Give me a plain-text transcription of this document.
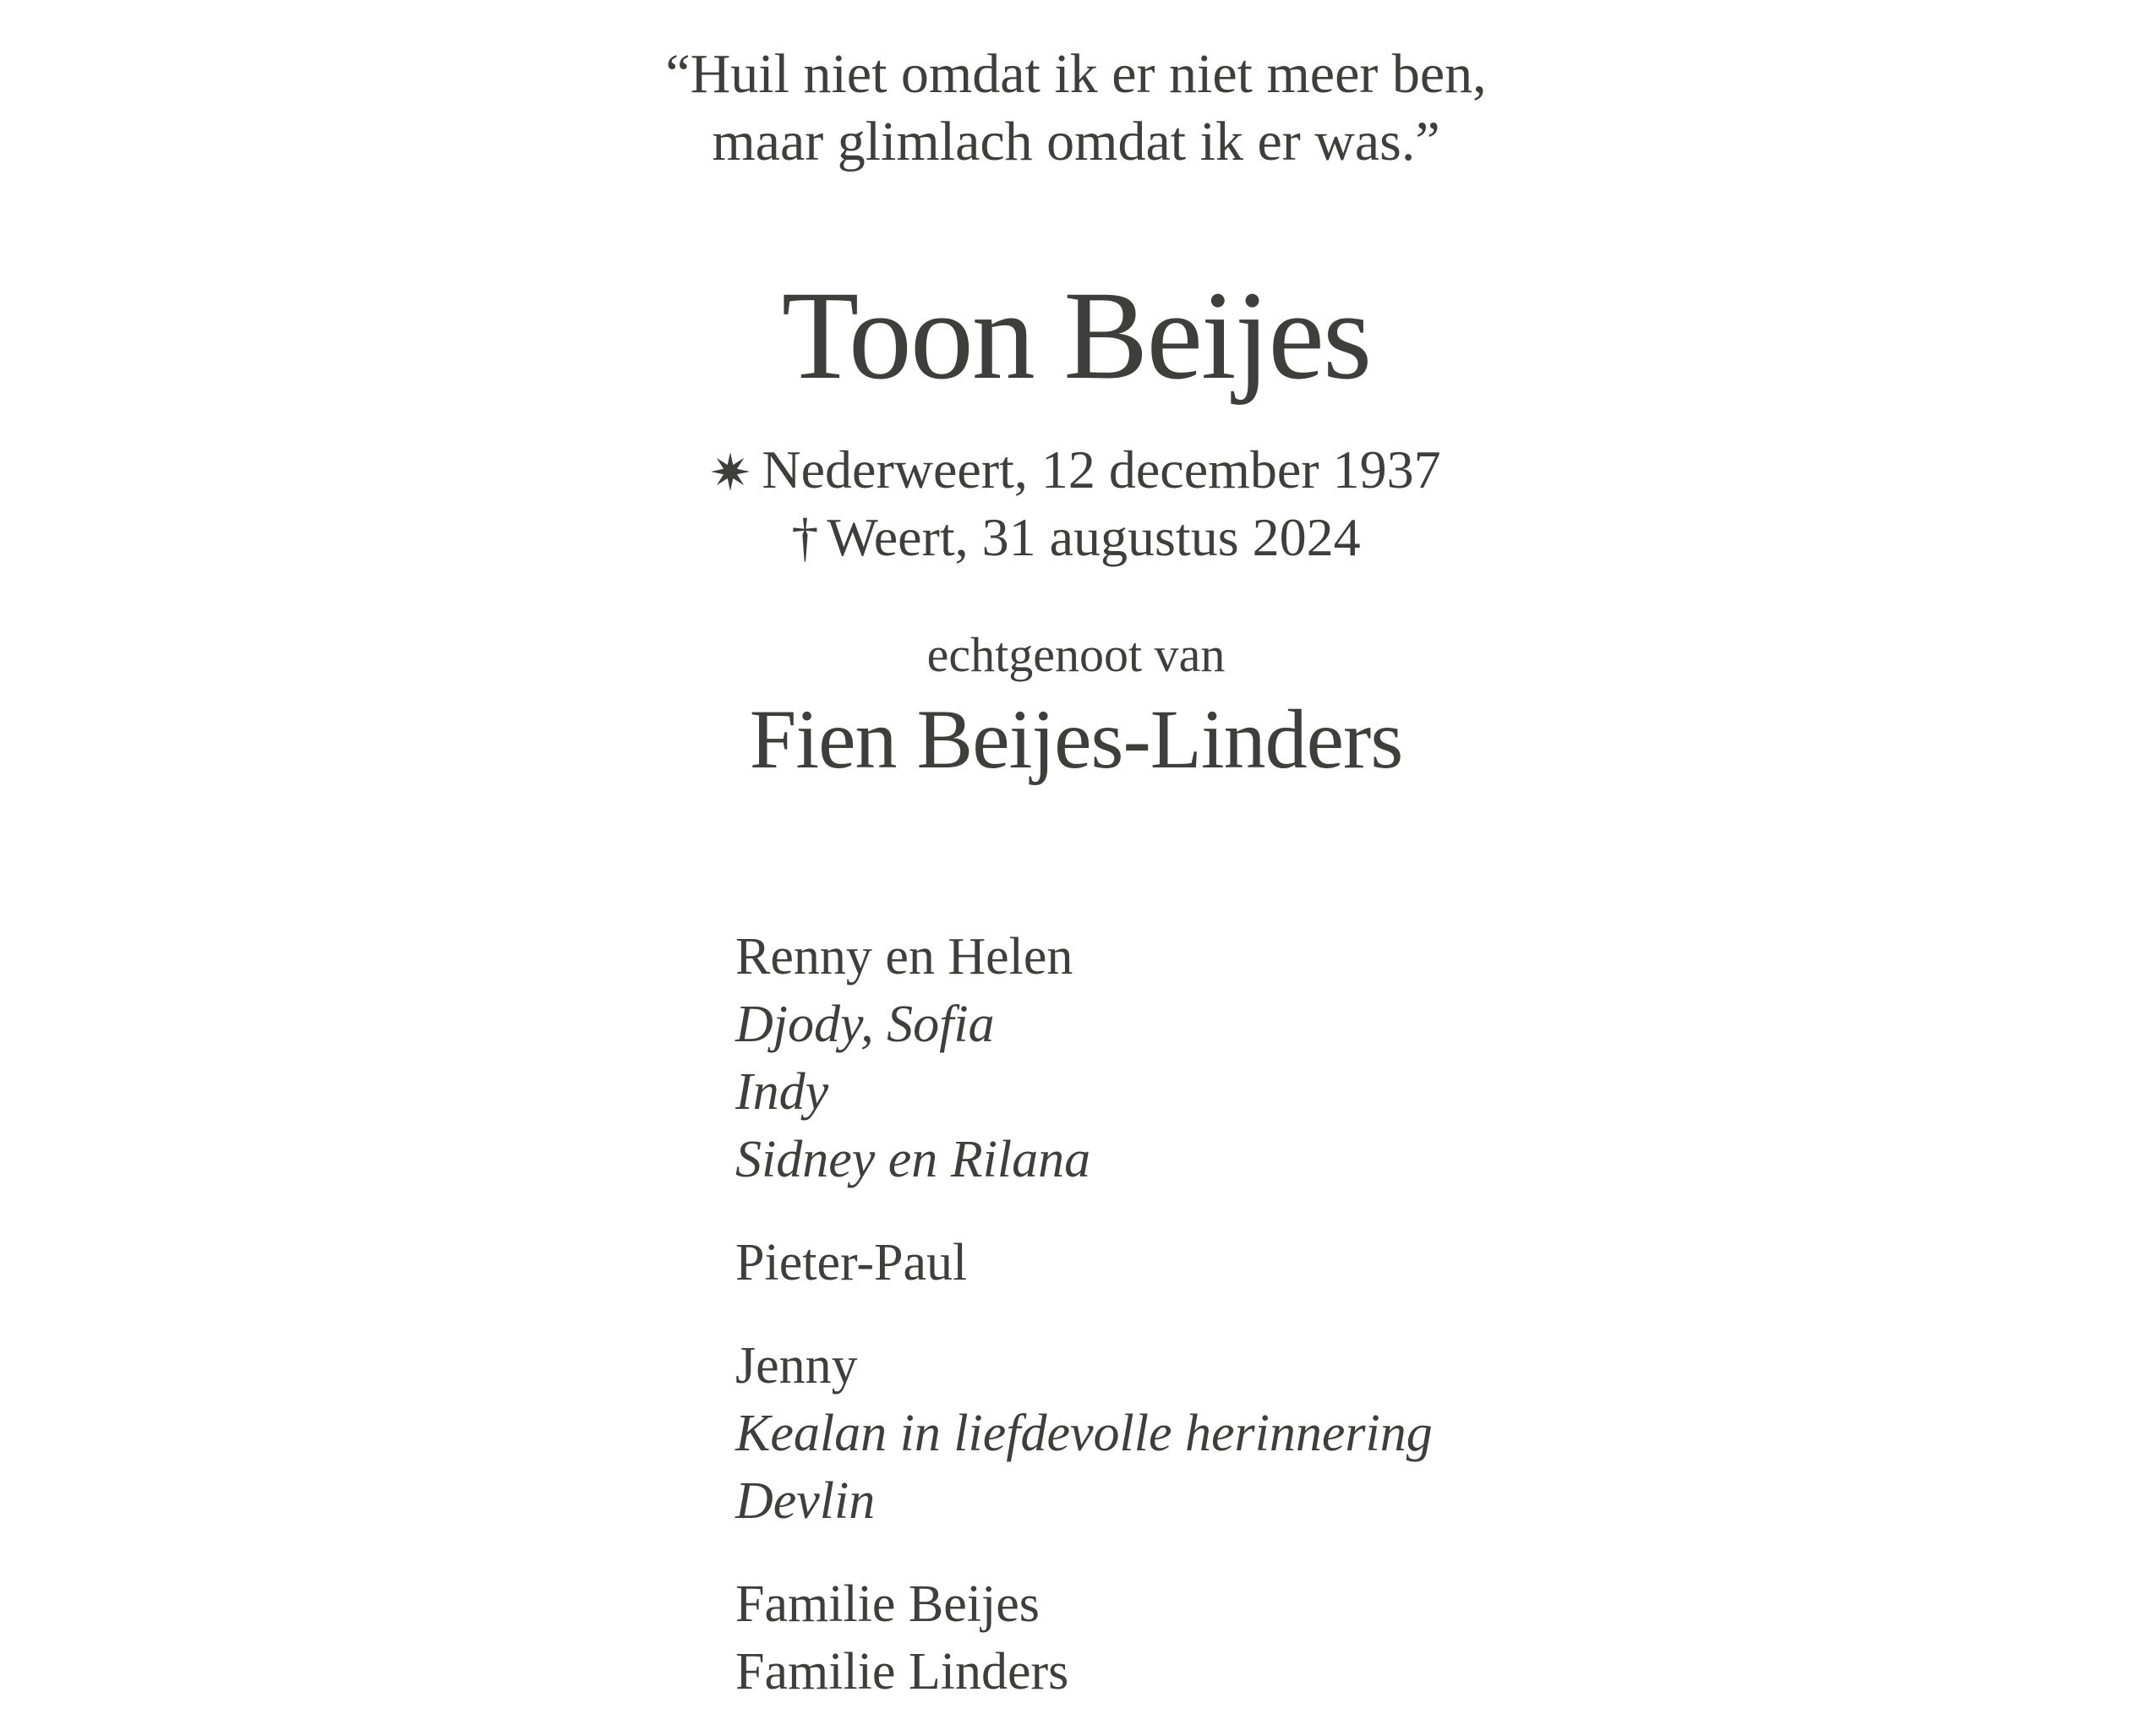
“Huil niet omdat ik er niet meer ben,
maar glimlach omdat ik er was.”
Toon Beijes
Nederweert, 12 december 1937
† Weert, 31 augustus 2024
echtgenoot van
Fien Beijes-Linders
Renny en Helen
Djody, Sofia
Indy
Sidney en Rilana
Pieter-Paul
Jenny
Kealan in liefdevolle herinnering
Devlin
Familie Beijes
Familie Linders
